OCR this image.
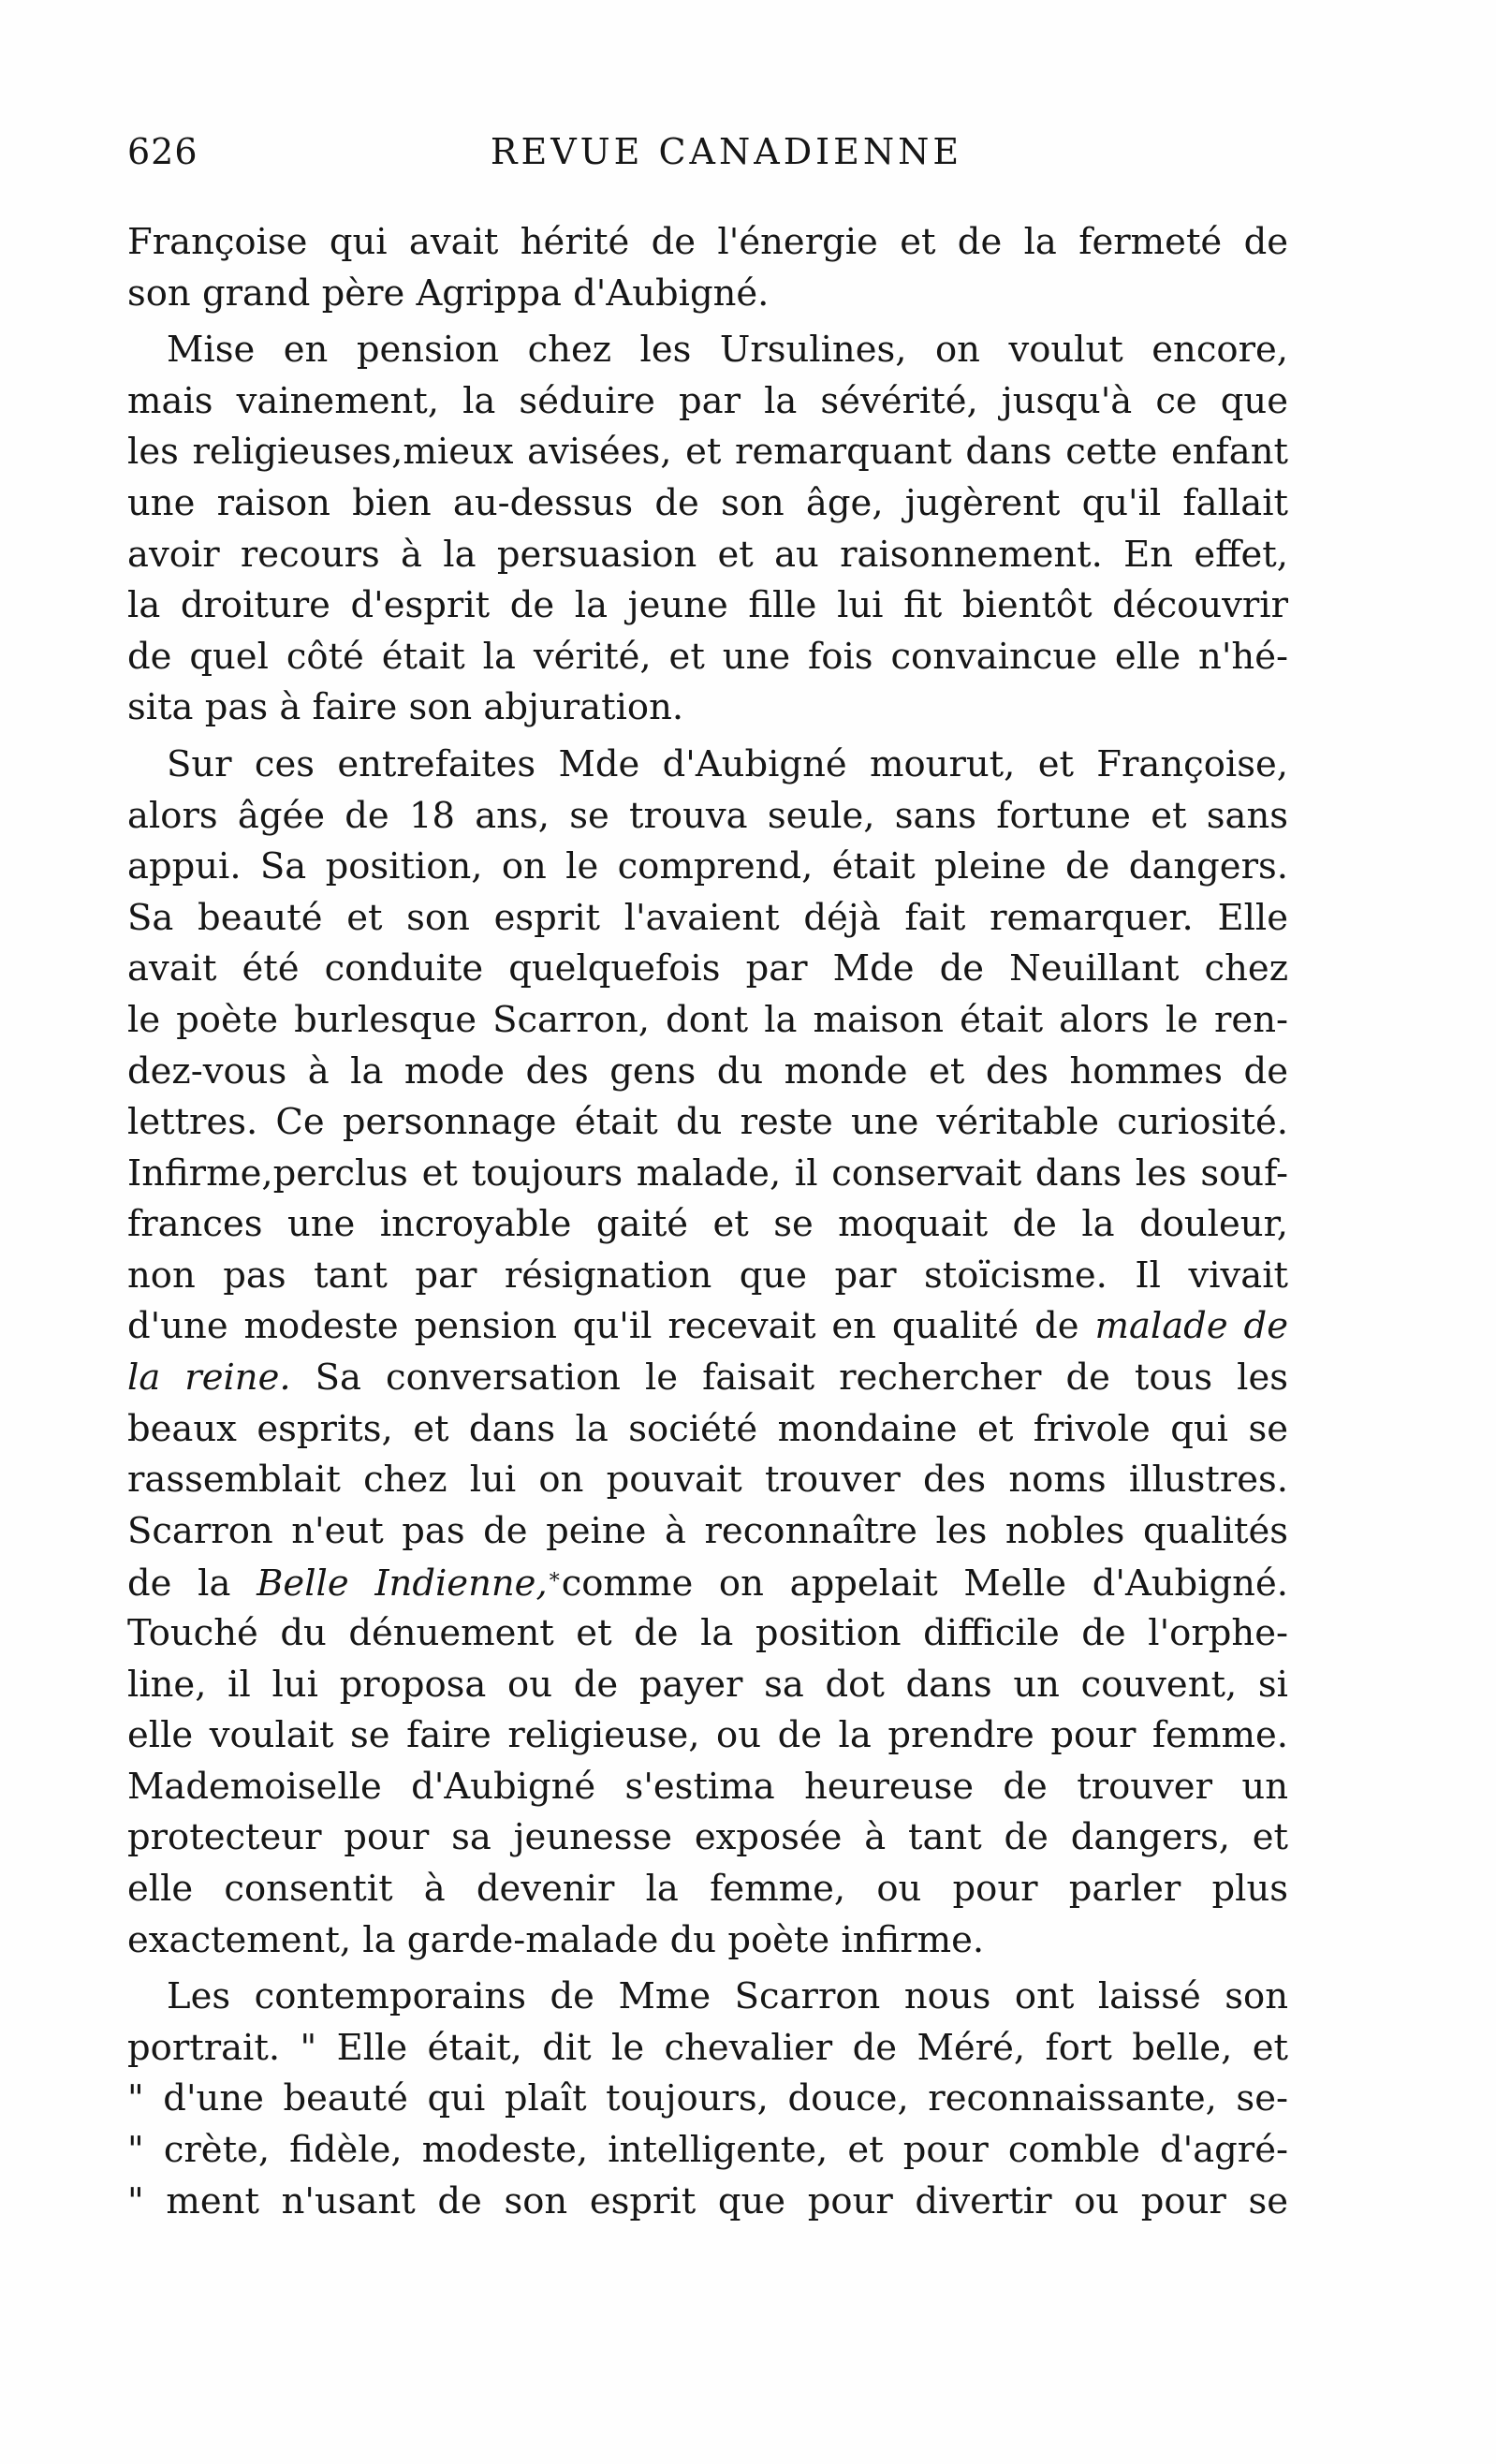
626	REVUE CANADIENNE
Françoise qui avait hérité de l'énergie et de la fermeté de
son grand père Agrippa d'Aubigné.
Mise en pension chez les Ursulines, on voulut encore,
mais vainement, la séduire par la sévérité, jusqu'à ce que
les religieuses,mieux avisées, et remarquant dans cette enfant
une raison bien au-dessus de son âge, jugèrent qu'il fallait
avoir recours à la persuasion et au raisonnement. En effet,
la droiture d'esprit de la jeune fille lui fit bientôt découvrir
de quel côté était la vérité, et une fois convaincue elle n'hé-
sita pas à faire son abjuration.
Sur ces entrefaites Mde d'Aubigné mourut, et Françoise,
alors âgée de 18 ans, se trouva seule, sans fortune et sans
appui. Sa position, on le comprend, était pleine de dangers.
Sa beauté et son esprit l'avaient déjà fait remarquer. Elle
avait été conduite quelquefois par Mde de Neuillant chez
le poète burlesque Scarron, dont la maison était alors le ren-
dez-vous à la mode des gens du monde et des hommes de
lettres. Ce personnage était du reste une véritable curiosité.
Infirme,perclus et toujours malade, il conservait dans les souf-
frances une incroyable gaité et se moquait de la douleur,
non pas tant par résignation que par stoïcisme. Il vivait
d'une modeste pension qu'il recevait en qualité de malade de
la reine. Sa conversation le faisait rechercher de tous les
beaux esprits, et dans la société mondaine et frivole qui se
rassemblait chez lui on pouvait trouver des noms illustres.
Scarron n'eut pas de peine à reconnaître les nobles qualités
de la Belle Indienne,*comme on appelait Melle d'Aubigné.
Touché du dénuement et de la position difficile de l'orphe-
line, il lui proposa ou de payer sa dot dans un couvent, si
elle voulait se faire religieuse, ou de la prendre pour femme.
Mademoiselle d'Aubigné s'estima heureuse de trouver un
protecteur pour sa jeunesse exposée à tant de dangers, et
elle consentit à devenir la femme, ou pour parler plus
exactement, la garde-malade du poète infirme.
Les contemporains de Mme Scarron nous ont laissé son
portrait. " Elle était, dit le chevalier de Méré, fort belle, et
" d'une beauté qui plaît toujours, douce, reconnaissante, se-
" crète, fidèle, modeste, intelligente, et pour comble d'agré-
" ment n'usant de son esprit que pour divertir ou pour se
